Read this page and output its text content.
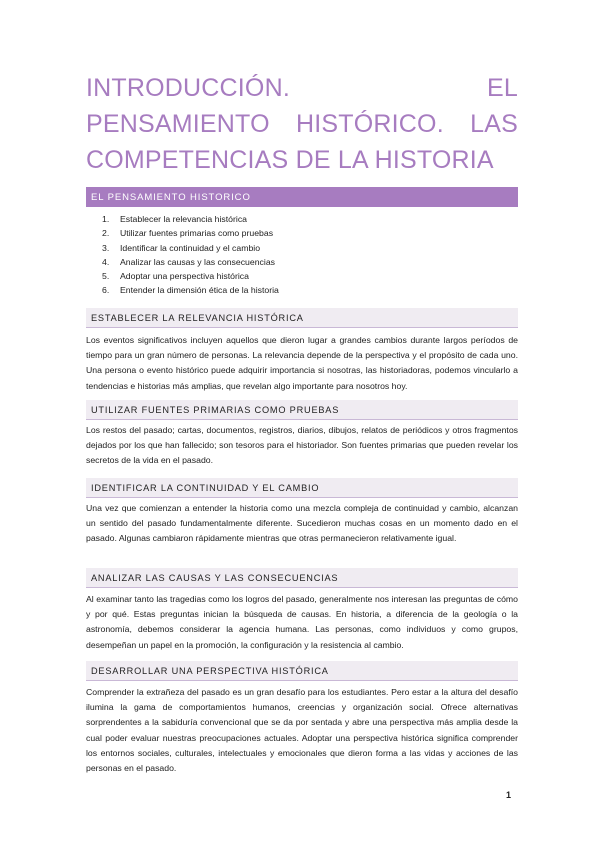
INTRODUCCIÓN. EL PENSAMIENTO HISTÓRICO. LAS COMPETENCIAS DE LA HISTORIA
EL PENSAMIENTO HISTORICO
1.	Establecer la relevancia histórica
2.	Utilizar fuentes primarias como pruebas
3.	Identificar la continuidad y el cambio
4.	Analizar las causas y las consecuencias
5.	Adoptar una perspectiva histórica
6.	Entender la dimensión ética de la historia
ESTABLECER LA RELEVANCIA HISTÓRICA

Los eventos significativos incluyen aquellos que dieron lugar a grandes cambios durante largos períodos de tiempo para un gran número de personas. La relevancia depende de la perspectiva y el propósito de cada uno. Una persona o evento histórico puede adquirir importancia si nosotras, las historiadoras, podemos vincularlo a tendencias e historias más amplias, que revelan algo importante para nosotros hoy.

UTILIZAR FUENTES PRIMARIAS COMO PRUEBAS

Los restos del pasado; cartas, documentos, registros, diarios, dibujos, relatos de periódicos y otros fragmentos dejados por los que han fallecido; son tesoros para el historiador. Son fuentes primarias que pueden revelar los secretos de la vida en el pasado.

IDENTIFICAR LA CONTINUIDAD Y EL CAMBIO

Una vez que comienzan a entender la historia como una mezcla compleja de continuidad y cambio, alcanzan un sentido del pasado fundamentalmente diferente. Sucedieron muchas cosas en un momento dado en el pasado. Algunas cambiaron rápidamente mientras que otras permanecieron relativamente igual.

ANALIZAR LAS CAUSAS Y LAS CONSECUENCIAS

Al examinar tanto las tragedias como los logros del pasado, generalmente nos interesan las preguntas de cómo y por qué. Estas preguntas inician la búsqueda de causas. En historia, a diferencia de la geología o la astronomía, debemos considerar la agencia humana. Las personas, como individuos y como grupos, desempeñan un papel en la promoción, la configuración y la resistencia al cambio.

DESARROLLAR UNA PERSPECTIVA HISTÓRICA

Comprender la extrañeza del pasado es un gran desafío para los estudiantes. Pero estar a la altura del desafío ilumina la gama de comportamientos humanos, creencias y organización social. Ofrece alternativas sorprendentes a la sabiduría convencional que se da por sentada y abre una perspectiva más amplia desde la cual poder evaluar nuestras preocupaciones actuales. Adoptar una perspectiva histórica significa comprender los entornos sociales, culturales, intelectuales y emocionales que dieron forma a las vidas y acciones de las personas en el pasado.

1
